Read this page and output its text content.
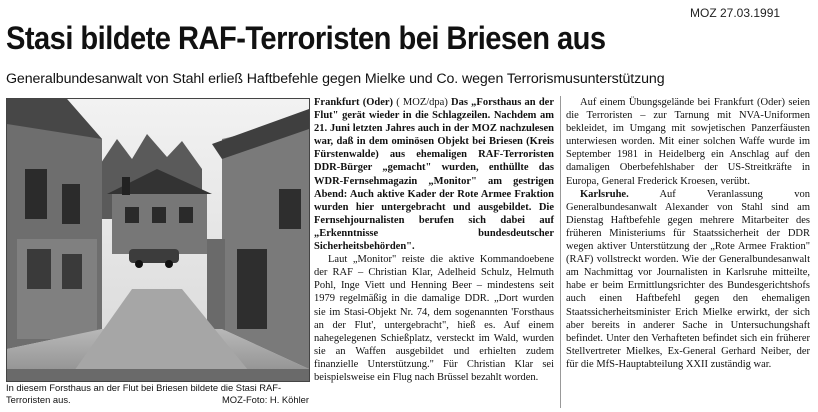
MOZ 27.03.1991
Stasi bildete RAF-Terroristen bei Briesen aus
Generalbundesanwalt von Stahl erließ Haftbefehle gegen Mielke und Co. wegen Terrorismusunterstützung
In diesem Forsthaus an der Flut bei Briesen bildete die Stasi RAF-Terroristen aus.	MOZ-Foto: H. Köhler

Frankfurt (Oder) ( MOZ/dpa) Das „Forsthaus an der Flut" gerät wieder in die Schlagzeilen. Nachdem am 21. Juni letzten Jahres auch in der MOZ nachzulesen war, daß in dem ominösen Objekt bei Briesen (Kreis Fürstenwalde) aus ehemaligen RAF-Terroristen DDR-Bürger „gemacht" wurden, enthüllte das WDR-Fernsehmagazin „Monitor" am gestrigen Abend: Auch aktive Kader der Rote Armee Fraktion wurden hier untergebracht und ausgebildet. Die Fernsehjournalisten berufen sich dabei auf „Erkenntnisse bundesdeutscher Sicherheitsbehörden".

Laut „Monitor" reiste die aktive Kommandoebene der RAF – Christian Klar, Adelheid Schulz, Helmuth Pohl, Inge Viett und Henning Beer – mindestens seit 1979 regelmäßig in die damalige DDR. „Dort wurden sie im Stasi-Objekt Nr. 74, dem sogenannten 'Forsthaus an der Flut', untergebracht", hieß es. Auf einem nahegelegenen Schießplatz, versteckt im Wald, wurden sie an Waffen ausgebildet und erhielten zudem finanzielle Unterstützung." Für Christian Klar sei beispielsweise ein Flug nach Brüssel bezahlt worden.

Auf einem Übungsgelände bei Frankfurt (Oder) seien die Terroristen – zur Tarnung mit NVA-Uniformen bekleidet, im Umgang mit sowjetischen Panzerfäusten unterwiesen worden. Mit einer solchen Waffe wurde im September 1981 in Heidelberg ein Anschlag auf den damaligen Oberbefehlshaber der US-Streitkräfte in Europa, General Frederick Kroesen, verübt.

Karlsruhe.	Auf Veranlassung von Generalbundesanwalt Alexander von Stahl sind am Dienstag Haftbefehle gegen mehrere Mitarbeiter des früheren Ministeriums für Staatssicherheit der DDR wegen aktiver Unterstützung der „Rote Armee Fraktion" (RAF) vollstreckt worden. Wie der Generalbundesanwalt am Nachmittag vor Journalisten in Karlsruhe mitteilte, habe er beim Ermittlungsrichter des Bundesgerichtshofs auch einen Haftbefehl gegen den ehemaligen Staatssicherheitsminister Erich Mielke erwirkt, der sich aber bereits in anderer Sache in Untersuchungshaft befindet. Unter den Verhafteten befindet sich ein früherer Stellvertreter Mielkes, Ex-General Gerhard Neiber, der für die MfS-Hauptabteilung XXII zuständig war.
